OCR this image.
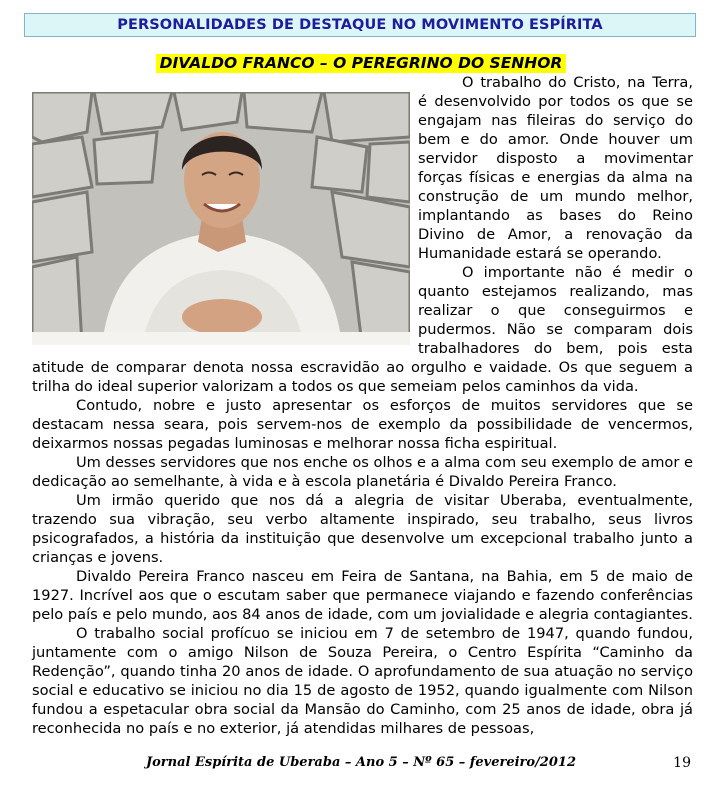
PERSONALIDADES DE DESTAQUE NO MOVIMENTO ESPÍRITA
DIVALDO FRANCO – O PEREGRINO DO SENHOR

O trabalho do Cristo, na Terra, é desenvolvido por todos os que se engajam nas fileiras do serviço do bem e do amor. Onde houver um servidor disposto a movimentar forças físicas e energias da alma na construção de um mundo melhor, implantando as bases do Reino Divino de Amor, a renovação da Humanidade estará se operando.

O importante não é medir o quanto estejamos realizando, mas realizar o que conseguirmos e pudermos. Não se comparam dois trabalhadores do bem, pois esta atitude de comparar denota nossa escravidão ao orgulho e vaidade. Os que seguem a trilha do ideal superior valorizam a todos os que semeiam pelos caminhos da vida.

Contudo, nobre e justo apresentar os esforços de muitos servidores que se destacam nessa seara, pois servem-nos de exemplo da possibilidade de vencermos, deixarmos nossas pegadas luminosas e melhorar nossa ficha espiritual.

Um desses servidores que nos enche os olhos e a alma com seu exemplo de amor e dedicação ao semelhante, à vida e à escola planetária é Divaldo Pereira Franco.

Um irmão querido que nos dá a alegria de visitar Uberaba, eventualmente, trazendo sua vibração, seu verbo altamente inspirado, seu trabalho, seus livros psicografados, a história da instituição que desenvolve um excepcional trabalho junto a crianças e jovens.

Divaldo Pereira Franco nasceu em Feira de Santana, na Bahia, em 5 de maio de 1927. Incrível aos que o escutam saber que permanece viajando e fazendo conferências pelo país e pelo mundo, aos 84 anos de idade, com um jovialidade e alegria contagiantes.

O trabalho social profícuo se iniciou em 7 de setembro de 1947, quando fundou, juntamente com o amigo Nilson de Souza Pereira, o Centro Espírita “Caminho da Redenção”, quando tinha 20 anos de idade. O aprofundamento de sua atuação no serviço social e educativo se iniciou no dia 15 de agosto de 1952, quando igualmente com Nilson fundou a espetacular obra social da Mansão do Caminho, com 25 anos de idade, obra já reconhecida no país e no exterior, já atendidas milhares de pessoas,

Jornal Espírita de Uberaba – Ano 5 – Nº 65 – fevereiro/2012	19
